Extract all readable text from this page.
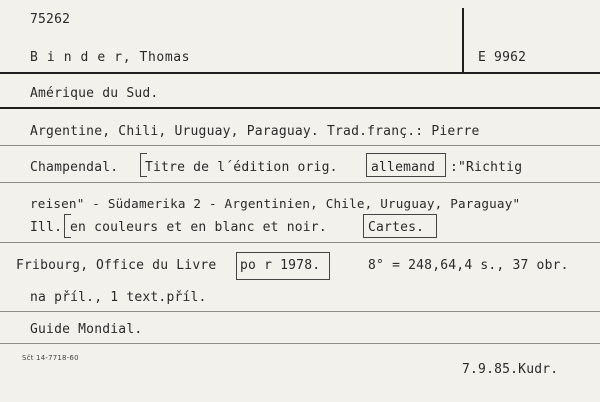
75262
B i n d e r, Thomas	E 9962
Amérique du Sud.
Argentine, Chili, Uruguay, Paraguay. Trad.franç.: Pierre
Champendal. Titre de l´édition orig.	allemand :"Richtig
reisen" - Südamerika 2 - Argentinien, Chile, Uruguay, Paraguay"
Ill. en couleurs et en blanc et noir.	Cartes.
Fribourg, Office du Livre po r 1978.	8° = 248,64,4 s., 37 obr.
na příl., 1 text.příl.
Guide Mondial.
Sčt 14-7718-60
7.9.85.Kudr.
